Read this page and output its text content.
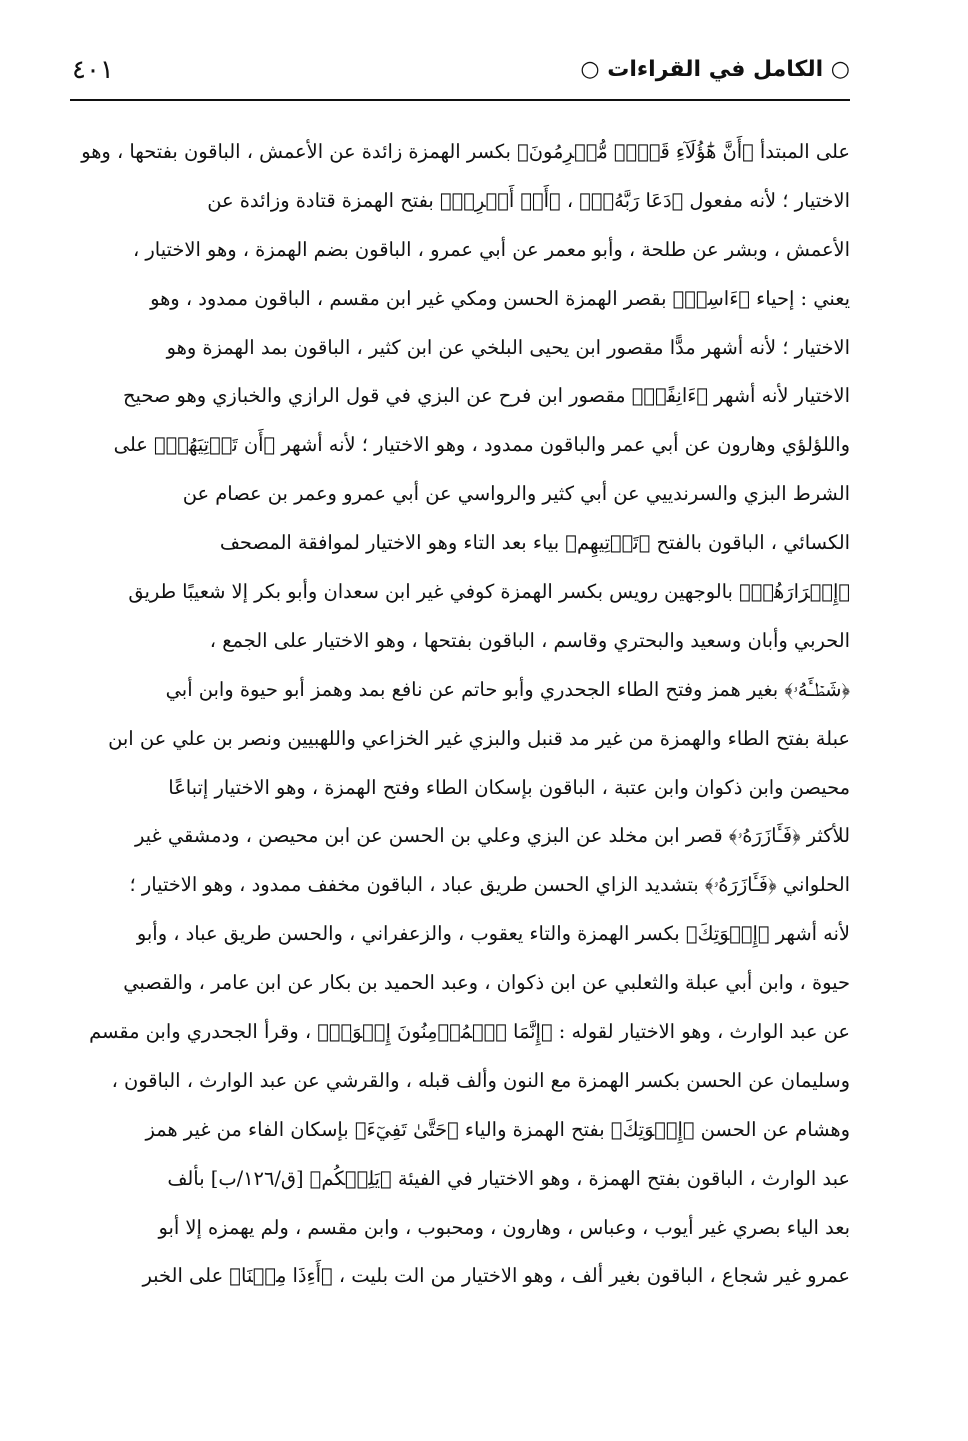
○ الكامل في القراءات ○
٤٠١
على المبتدأ ﴿أَنَّ هَٰٓؤُلَآءِ قَوۡمٞ مُّجۡرِمُونَ﴾ بكسر الهمزة زائدة عن الأعمش ، الباقون بفتحها ، وهو
الاختيار ؛ لأنه مفعول ﴿دَعَا رَبَّهُۥٓ﴾ ، ﴿أَنۡ أَخۡرِجۡ﴾ بفتح الهمزة قتادة وزائدة عن
الأعمش ، وبشر عن طلحة ، وأبو معمر عن أبي عمرو ، الباقون بضم الهمزة ، وهو الاختيار ،
يعني : إحياء ﴿ءَاسِنٖ﴾ بقصر الهمزة الحسن ومكي غير ابن مقسم ، الباقون ممدود ، وهو
الاختيار ؛ لأنه أشهر مدًّا مقصور ابن يحيى البلخي عن ابن كثير ، الباقون بمد الهمزة وهو
الاختيار لأنه أشهر ﴿ءَانِفًاۚ﴾ مقصور ابن فرح عن البزي في قول الرازي والخبازي وهو صحيح
واللؤلؤي وهارون عن أبي عمر والباقون ممدود ، وهو الاختيار ؛ لأنه أشهر ﴿أَن تَأۡتِيَهُمۡ﴾ على
الشرط البزي والسرندييي عن أبي كثير والرواسي عن أبي عمرو وعمر بن عصام عن
الكسائي ، الباقون بالفتح ﴿تَأۡتِيهِم﴾ بياء بعد التاء وهو الاختيار لموافقة المصحف
﴿إِسۡرَارَهُمۡ﴾ بالوجهين رويس بكسر الهمزة كوفي غير ابن سعدان وأبو بكر إلا شعيبًا طريق
الحربي وأبان وسعيد والبحتري وقاسم ، الباقون بفتحها ، وهو الاختيار على الجمع ،
﴿شَطۡـَٔهُۥ﴾ بغير همز وفتح الطاء الجحدري وأبو حاتم عن نافع بمد وهمز أبو حيوة وابن أبي
عبلة بفتح الطاء والهمزة من غير مد قنبل والبزي غير الخزاعي واللهبيين ونصر بن علي عن ابن
محيصن وابن ذكوان وابن عتبة ، الباقون بإسكان الطاء وفتح الهمزة ، وهو الاختيار إتباعًا
للأكثر ﴿فَـَٔازَرَهُۥ﴾ قصر ابن مخلد عن البزي وعلي بن الحسن عن ابن محيصن ، ودمشقي غير
الحلواني ﴿فَـَٔازَرَهُۥ﴾ بتشديد الزاي الحسن طريق عباد ، الباقون مخفف ممدود ، وهو الاختيار ؛
لأنه أشهر ﴿إِخۡوَتِكَ﴾ بكسر الهمزة والتاء يعقوب ، والزعفراني ، والحسن طريق عباد ، وأبو
حيوة ، وابن أبي عبلة والثعلبي عن ابن ذكوان ، وعبد الحميد بن بكار عن ابن عامر ، والقصبي
عن عبد الوارث ، وهو الاختيار لقوله : ﴿إِنَّمَا ٱلۡمُؤۡمِنُونَ إِخۡوَةٞ﴾ ، وقرأ الجحدري وابن مقسم
وسليمان عن الحسن بكسر الهمزة مع النون وألف قبله ، والقرشي عن عبد الوارث ، الباقون ،
وهشام عن الحسن ﴿إِخۡوَتِكَ﴾ بفتح الهمزة والياء ﴿حَتَّىٰ تَفِيٓءَ﴾ بإسكان الفاء من غير همز
عبد الوارث ، الباقون بفتح الهمزة ، وهو الاختيار في الفيئة ﴿يَلِتۡكُم﴾ [ق/١٢٦/ب] بألف
بعد الياء بصري غير أيوب ، وعباس ، وهارون ، ومحبوب ، وابن مقسم ، ولم يهمزه إلا أبو
عمرو غير شجاع ، الباقون بغير ألف ، وهو الاختيار من الت بليت ، ﴿أَءِذَا مِتۡنَا﴾ على الخبر
